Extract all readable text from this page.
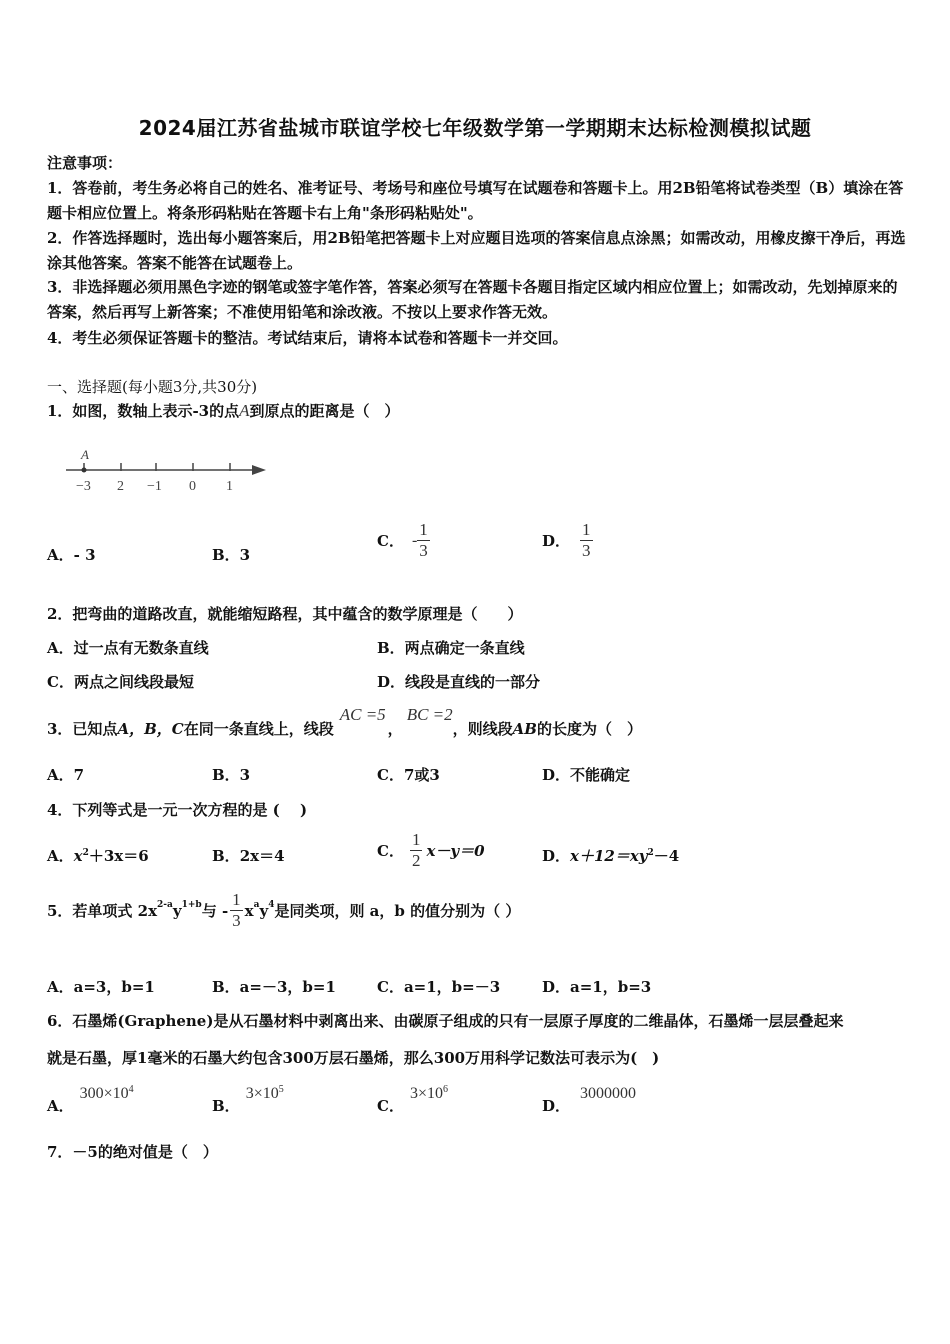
2024届江苏省盐城市联谊学校七年级数学第一学期期末达标检测模拟试题
注意事项：
1．答卷前，考生务必将自己的姓名、准考证号、考场号和座位号填写在试题卷和答题卡上。用2B铅笔将试卷类型（B）填涂在答题卡相应位置上。将条形码粘贴在答题卡右上角"条形码粘贴处"。
2．作答选择题时，选出每小题答案后，用2B铅笔把答题卡上对应题目选项的答案信息点涂黑；如需改动，用橡皮擦干净后，再选涂其他答案。答案不能答在试题卷上。
3．非选择题必须用黑色字迹的钢笔或签字笔作答，答案必须写在答题卡各题目指定区域内相应位置上；如需改动，先划掉原来的答案，然后再写上新答案；不准使用铅笔和涂改液。不按以上要求作答无效。
4．考生必须保证答题卡的整洁。考试结束后，请将本试卷和答题卡一并交回。
一、选择题(每小题3分,共30分)
1．如图，数轴上表示-3的点A到原点的距离是（　）
A
−3 2 −1 0 1
A．- 3	B．3
C． - $\frac{1}{3}$	D． $\frac{1}{3}$
2．把弯曲的道路改直，就能缩短路程，其中蕴含的数学原理是（　　）
A．过一点有无数条直线	B．两点确定一条直线
C．两点之间线段最短	D．线段是直线的一部分
3．已知点A，B，C在同一条直线上，线段AC =5，BC =2，则线段AB的长度为（　）
A．7	B．3	C．7或3	D．不能确定
4．下列等式是一元一次方程的是 (　 )
A．$x^2+3x=6$	B．2x＝4	C． $\frac{1}{2} x-y=0$	D．$x+12=xy^2-4$
5．若单项式 $2x^{2-a}y^{1+b}$与 - $\frac{1}{3} x^ay^4$是同类项，则 a，b 的值分别为（ ）
A．a=3，b=1	B．a=－3，b=1	C．a=1，b=－3	D．a=1，b=3
6．石墨烯(Graphene)是从石墨材料中剥离出来、由碳原子组成的只有一层原子厚度的二维晶体，石墨烯一层层叠起来
就是石墨，厚1毫米的石墨大约包含300万层石墨烯，那么300万用科学记数法可表示为(　)
A．$300\times 10^4$
B．$3\times 10^5$
C．$3\times 10^6$
D．3000000
7．－5的绝对值是（　）
